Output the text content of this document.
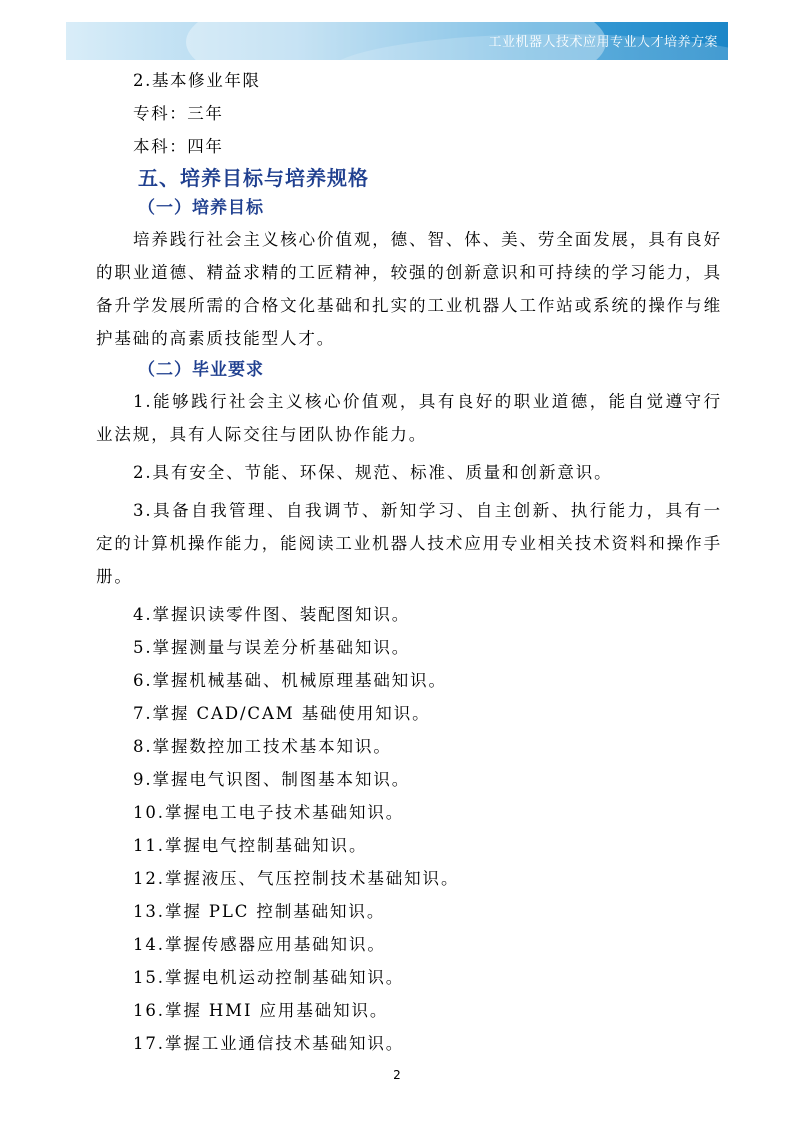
工业机器人技术应用专业人才培养方案
2.基本修业年限
专科：三年
本科：四年
五、培养目标与培养规格
（一）培养目标

培养践行社会主义核心价值观，德、智、体、美、劳全面发展，具有良好的职业道德、精益求精的工匠精神，较强的创新意识和可持续的学习能力，具备升学发展所需的合格文化基础和扎实的工业机器人工作站或系统的操作与维护基础的高素质技能型人才。

（二）毕业要求

1.能够践行社会主义核心价值观，具有良好的职业道德，能自觉遵守行业法规，具有人际交往与团队协作能力。

2.具有安全、节能、环保、规范、标准、质量和创新意识。

3.具备自我管理、自我调节、新知学习、自主创新、执行能力，具有一定的计算机操作能力，能阅读工业机器人技术应用专业相关技术资料和操作手册。

4.掌握识读零件图、装配图知识。

5.掌握测量与误差分析基础知识。

6.掌握机械基础、机械原理基础知识。

7.掌握 CAD/CAM 基础使用知识。

8.掌握数控加工技术基本知识。

9.掌握电气识图、制图基本知识。

10.掌握电工电子技术基础知识。

11.掌握电气控制基础知识。

12.掌握液压、气压控制技术基础知识。

13.掌握 PLC 控制基础知识。

14.掌握传感器应用基础知识。

15.掌握电机运动控制基础知识。

16.掌握 HMI 应用基础知识。

17.掌握工业通信技术基础知识。

2
